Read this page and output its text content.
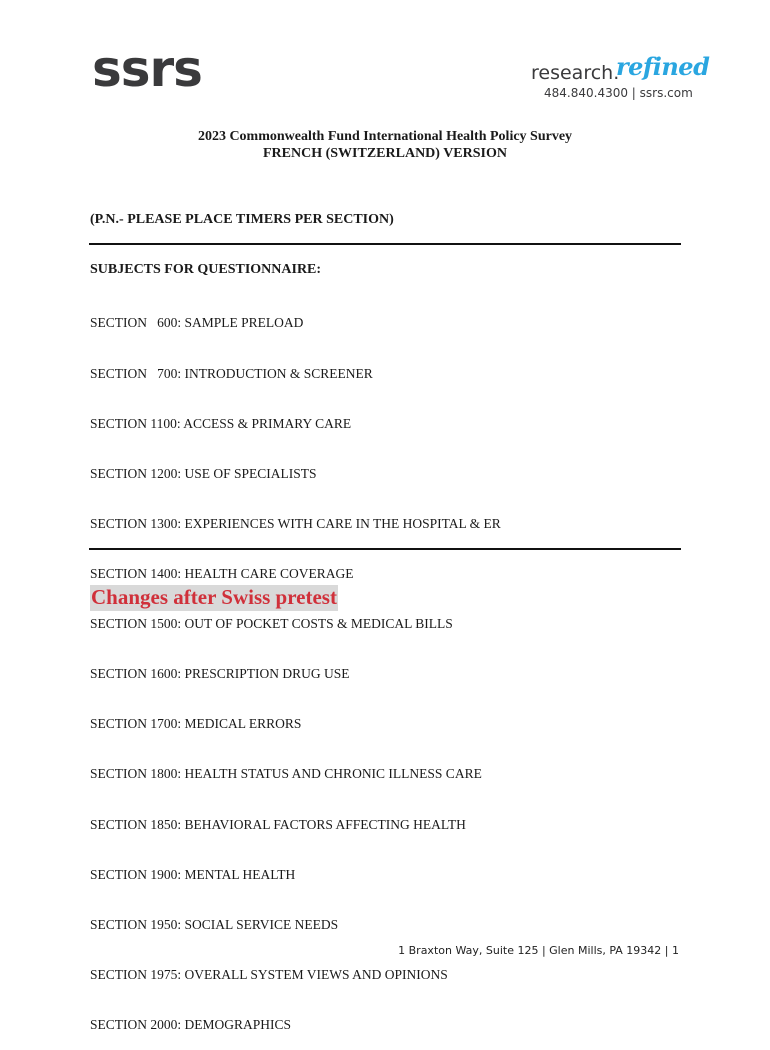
ssrs	research.
refined
484.840.4300 | ssrs.com
2023 Commonwealth Fund International Health Policy Survey
FRENCH (SWITZERLAND) VERSION
(P.N.- PLEASE PLACE TIMERS PER SECTION)
SUBJECTS FOR QUESTIONNAIRE:

SECTION   600: SAMPLE PRELOAD

SECTION   700: INTRODUCTION & SCREENER

SECTION 1100: ACCESS & PRIMARY CARE

SECTION 1200: USE OF SPECIALISTS

SECTION 1300: EXPERIENCES WITH CARE IN THE HOSPITAL & ER

SECTION 1400: HEALTH CARE COVERAGE

SECTION 1500: OUT OF POCKET COSTS & MEDICAL BILLS

SECTION 1600: PRESCRIPTION DRUG USE

SECTION 1700: MEDICAL ERRORS

SECTION 1800: HEALTH STATUS AND CHRONIC ILLNESS CARE

SECTION 1850: BEHAVIORAL FACTORS AFFECTING HEALTH

SECTION 1900: MENTAL HEALTH

SECTION 1950: SOCIAL SERVICE NEEDS

SECTION 1975: OVERALL SYSTEM VIEWS AND OPINIONS

SECTION 2000: DEMOGRAPHICS

Changes after Swiss pretest
1 Braxton Way, Suite 125 | Glen Mills, PA 19342 | 1
